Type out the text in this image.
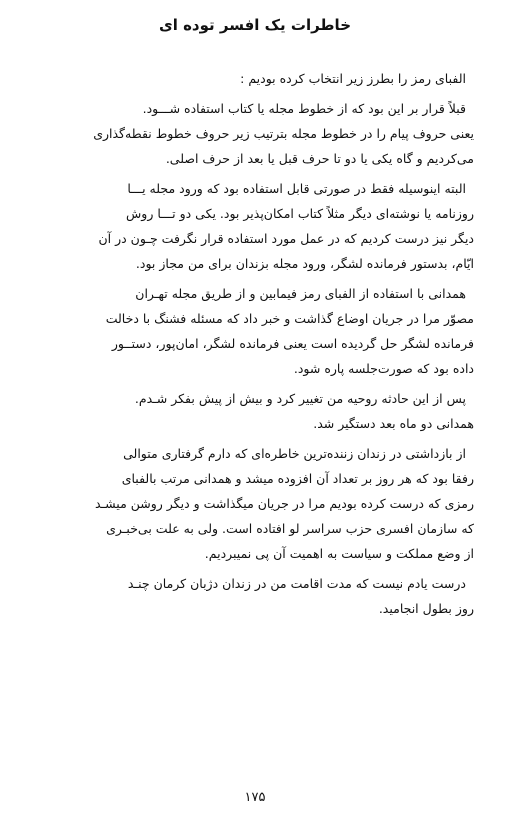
خاطرات یک افسر توده ای
الفبای رمز را بطرز زیر انتخاب کرده بودیم :
قبلاً قرار بر این بود که از خطوط مجله یا کتاب استفاده شـــود.
یعنی حروف پیام را در خطوط مجله بترتیب زیر حروف خطوط نقطه‌گذاری
می‌کردیم و گاه یکی یا دو تا حرف قبل یا بعد از حرف اصلی.
البته اینوسیله فقط در صورتی قابل استفاده بود که ورود مجله یـــا
روزنامه یا نوشته‌ای دیگر مثلاً کتاب امکان‌پذیر بود. یکی دو تـــا روش
دیگر نیز درست کردیم که در عمل مورد استفاده قرار نگرفت چـون در آن
ایّام، بدستور فرمانده لشگر، ورود مجله بزندان برای من مجاز بود.
همدانی با استفاده از الفبای رمز فیمابین و از طریق مجله تهـران
مصوّر مرا در جریان اوضاع گذاشت و خبر داد که مسئله فشنگ با دخالت
فرمانده لشگر حل گردیده است یعنی فرمانده لشگر، امان‌پور، دستــور
داده بود که صورت‌جلسه پاره شود.
پس از این حادثه روحیه من تغییر کرد و بیش از پیش بفکر شـدم.
همدانی دو ماه بعد دستگیر شد.
از بازداشتی در زندان زننده‌ترین خاطره‌ای که دارم گرفتاری متوالی
رفقا بود که هر روز بر تعداد آن افزوده میشد و همدانی مرتب بالفبای
رمزی که درست کرده بودیم مرا در جریان میگذاشت و دیگر روشن میشـد
که سازمان افسری حزب سراسر لو افتاده است. ولی به علت بی‌خبـری
از وضع مملکت و سیاست به اهمیت آن پی نمیبردیم.
درست یادم نیست که مدت اقامت من در زندان دژبان کرمان چنـد
روز بطول انجامید.
۱۷۵
